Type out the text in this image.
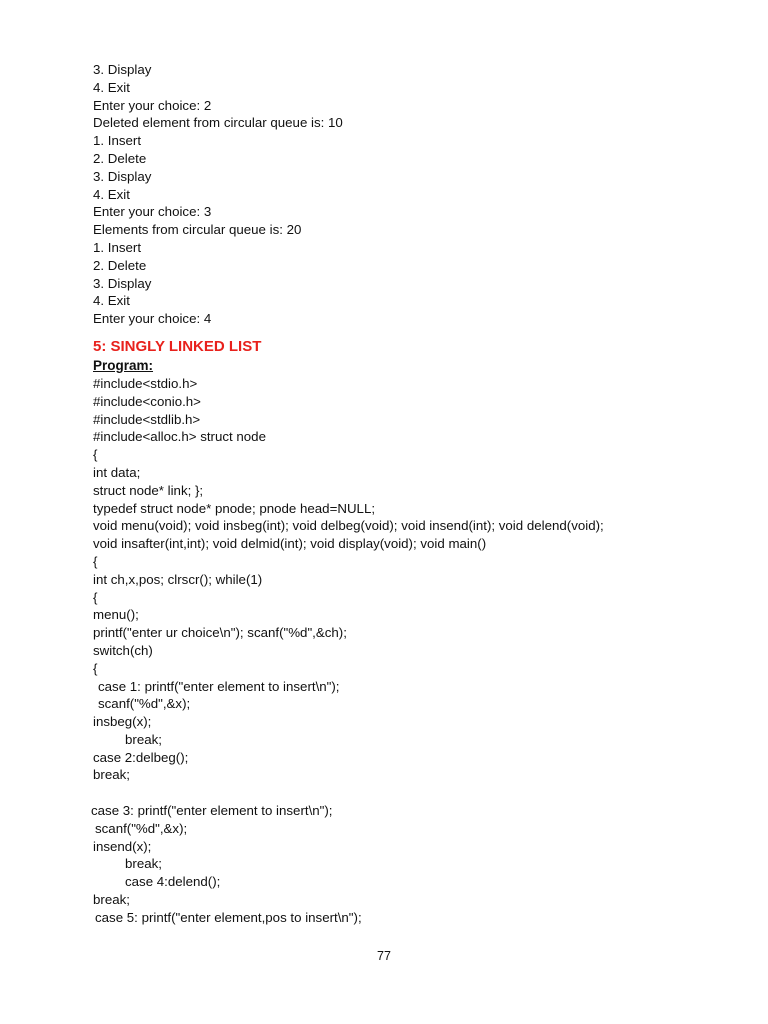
3. Display
4. Exit
Enter your choice: 2
Deleted element from circular queue is: 10
1. Insert
2. Delete
3. Display
4. Exit
Enter your choice: 3
Elements from circular queue is: 20
1. Insert
2. Delete
3. Display
4. Exit
Enter your choice: 4
5: SINGLY LINKED LIST
Program:
#include<stdio.h>
#include<conio.h>
#include<stdlib.h>
#include<alloc.h> struct node
{
int data;
struct node* link; };
typedef struct node* pnode; pnode head=NULL;
void menu(void); void insbeg(int); void delbeg(void); void insend(int); void delend(void);
void insafter(int,int); void delmid(int); void display(void); void main()
{
int ch,x,pos; clrscr(); while(1)
{
menu();
printf("enter ur choice\n"); scanf("%d",&ch);
switch(ch)
{
case 1: printf("enter element to insert\n");
scanf("%d",&x);
insbeg(x);
break;
case 2:delbeg();
break;
case 3: printf("enter element to insert\n");
scanf("%d",&x);
insend(x);
break;
case 4:delend();
break;
case 5: printf("enter element,pos to insert\n");
77
